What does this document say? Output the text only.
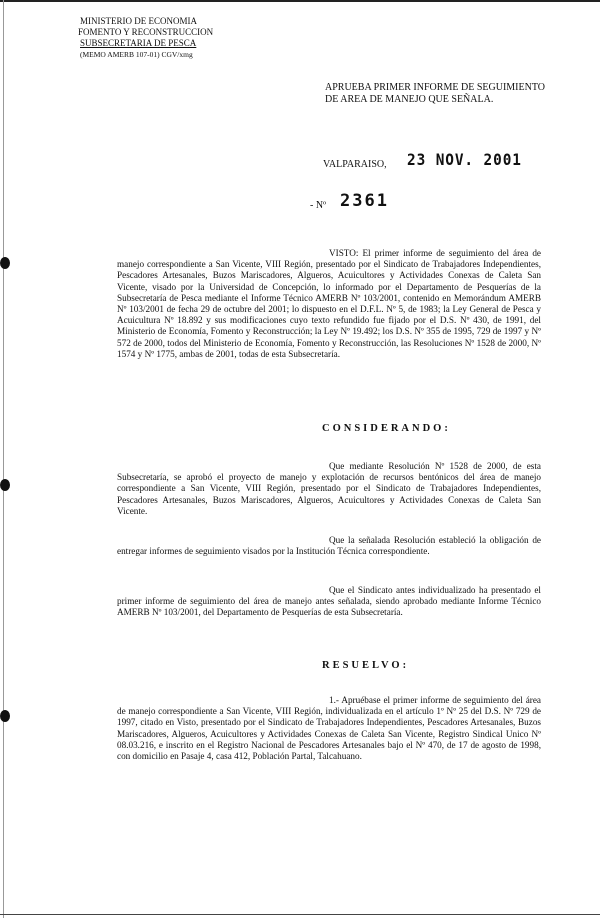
MINISTERIO DE ECONOMIA
FOMENTO Y RECONSTRUCCION
SUBSECRETARIA DE PESCA
(MEMO AMERB 107-01) CGV/xmg
APRUEBA PRIMER INFORME DE SEGUIMIENTO DE AREA DE MANEJO QUE SEÑALA.
VALPARAISO, 23 NOV. 2001
- Nº 2361
VISTO: El primer informe de seguimiento del área de manejo correspondiente a San Vicente, VIII Región, presentado por el Sindicato de Trabajadores Independientes, Pescadores Artesanales, Buzos Mariscadores, Algueros, Acuicultores y Actividades Conexas de Caleta San Vicente, visado por la Universidad de Concepción, lo informado por el Departamento de Pesquerías de la Subsecretaría de Pesca mediante el Informe Técnico AMERB Nº 103/2001, contenido en Memorándum AMERB Nº 103/2001 de fecha 29 de octubre del 2001; lo dispuesto en el D.F.L. Nº 5, de 1983; la Ley General de Pesca y Acuicultura Nº 18.892 y sus modificaciones cuyo texto refundido fue fijado por el D.S. Nº 430, de 1991, del Ministerio de Economía, Fomento y Reconstrucción; la Ley Nº 19.492; los D.S. Nº 355 de 1995, 729 de 1997 y Nº 572 de 2000, todos del Ministerio de Economía, Fomento y Reconstrucción, las Resoluciones Nº 1528 de 2000, Nº 1574 y Nº 1775, ambas de 2001, todas de esta Subsecretaría.
CONSIDERANDO:
Que mediante Resolución Nº 1528 de 2000, de esta Subsecretaría, se aprobó el proyecto de manejo y explotación de recursos bentónicos del área de manejo correspondiente a San Vicente, VIII Región, presentado por el Sindicato de Trabajadores Independientes, Pescadores Artesanales, Buzos Mariscadores, Algueros, Acuicultores y Actividades Conexas de Caleta San Vicente.
Que la señalada Resolución estableció la obligación de entregar informes de seguimiento visados por la Institución Técnica correspondiente.
Que el Sindicato antes individualizado ha presentado el primer informe de seguimiento del área de manejo antes señalada, siendo aprobado mediante Informe Técnico AMERB Nº 103/2001, del Departamento de Pesquerías de esta Subsecretaría.
RESUELVO:
1.- Apruébase el primer informe de seguimiento del área de manejo correspondiente a San Vicente, VIII Región, individualizada en el artículo 1º Nº 25 del D.S. Nº 729 de 1997, citado en Visto, presentado por el Sindicato de Trabajadores Independientes, Pescadores Artesanales, Buzos Mariscadores, Algueros, Acuicultores y Actividades Conexas de Caleta San Vicente, Registro Sindical Unico Nº 08.03.216, e inscrito en el Registro Nacional de Pescadores Artesanales bajo el Nº 470, de 17 de agosto de 1998, con domicilio en Pasaje 4, casa 412, Población Partal, Talcahuano.
